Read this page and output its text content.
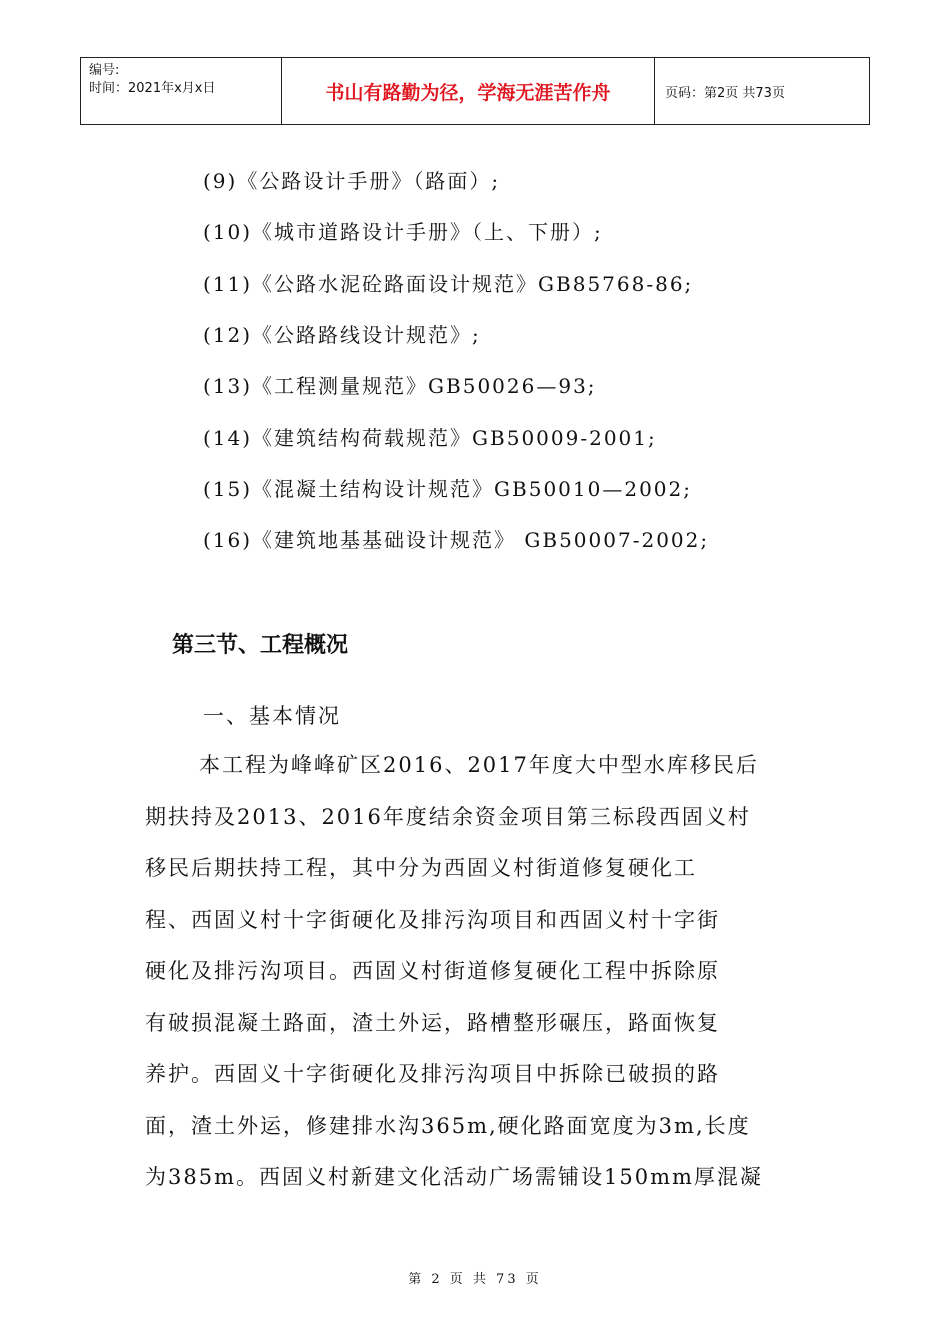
编号:
时间：2021年x月x日	书山有路勤为径，学海无涯苦作舟	页码：第2页 共73页
(9)《公路设计手册》（路面）;
(10)《城市道路设计手册》（上、下册）;
(11)《公路水泥砼路面设计规范》GB85768-86;
(12)《公路路线设计规范》;
(13)《工程测量规范》GB50026—93;
(14)《建筑结构荷载规范》GB50009-2001;
(15)《混凝土结构设计规范》GB50010—2002;
(16)《建筑地基基础设计规范》 GB50007-2002;
第三节、工程概况
一、基本情况
本工程为峰峰矿区2016、2017年度大中型水库移民后
期扶持及2013、2016年度结余资金项目第三标段西固义村
移民后期扶持工程，其中分为西固义村街道修复硬化工
程、西固义村十字街硬化及排污沟项目和西固义村十字街
硬化及排污沟项目。西固义村街道修复硬化工程中拆除原
有破损混凝土路面，渣土外运，路槽整形碾压，路面恢复
养护。西固义十字街硬化及排污沟项目中拆除已破损的路
面，渣土外运，修建排水沟365m,硬化路面宽度为3m,长度
为385m。西固义村新建文化活动广场需铺设150mm厚混凝
第 2 页 共 73 页
